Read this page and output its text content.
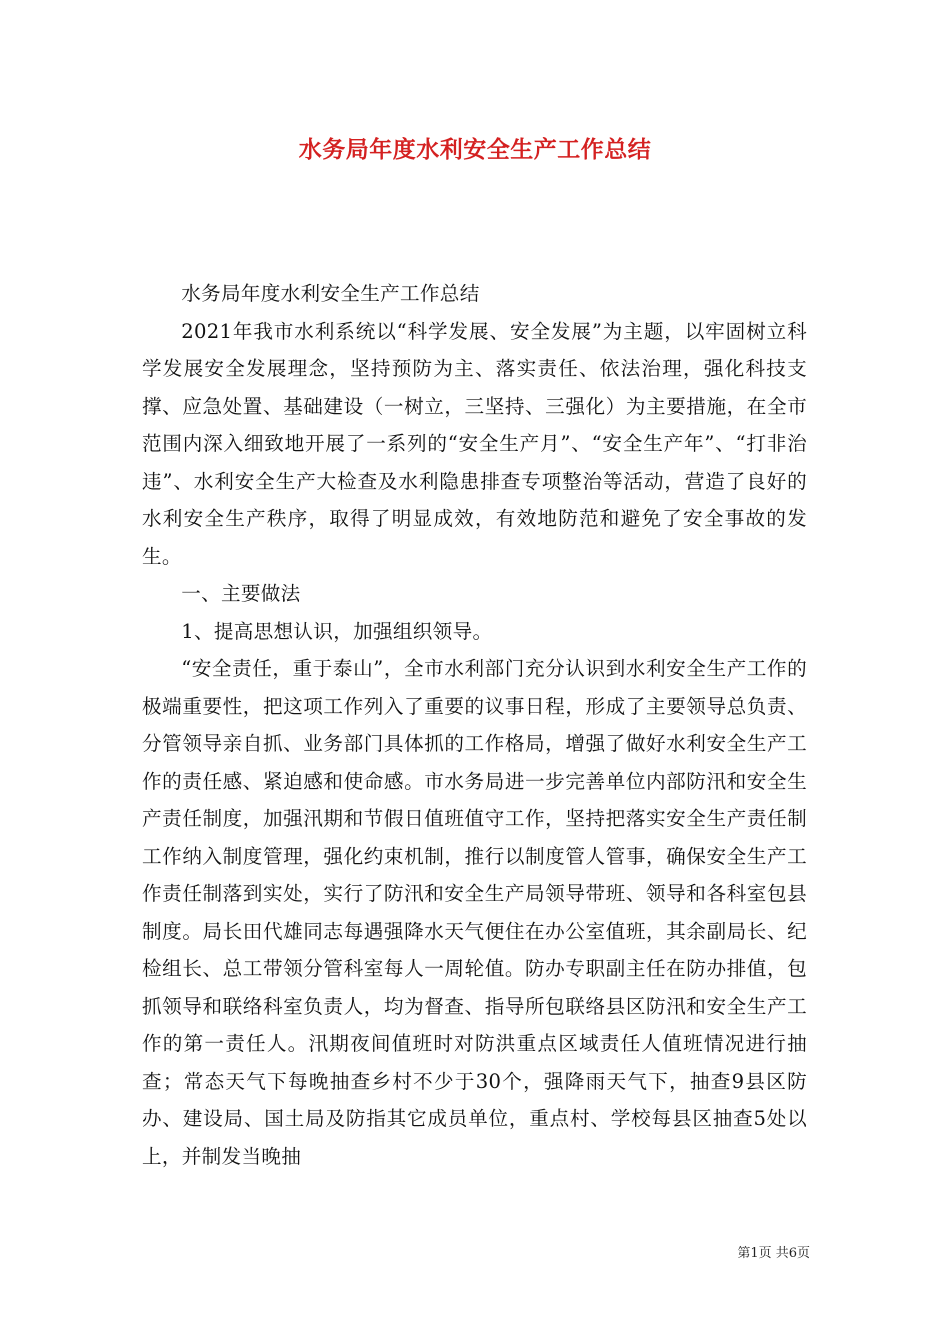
水务局年度水利安全生产工作总结

水务局年度水利安全生产工作总结

2021年我市水利系统以“科学发展、安全发展”为主题，以牢固树立科学发展安全发展理念，坚持预防为主、落实责任、依法治理，强化科技支撑、应急处置、基础建设（一树立，三坚持、三强化）为主要措施，在全市范围内深入细致地开展了一系列的“安全生产月”、“安全生产年”、“打非治违”、水利安全生产大检查及水利隐患排查专项整治等活动，营造了良好的水利安全生产秩序，取得了明显成效，有效地防范和避免了安全事故的发生。

一、主要做法

1、提高思想认识，加强组织领导。

“安全责任，重于泰山”，全市水利部门充分认识到水利安全生产工作的极端重要性，把这项工作列入了重要的议事日程，形成了主要领导总负责、分管领导亲自抓、业务部门具体抓的工作格局，增强了做好水利安全生产工作的责任感、紧迫感和使命感。市水务局进一步完善单位内部防汛和安全生产责任制度，加强汛期和节假日值班值守工作，坚持把落实安全生产责任制工作纳入制度管理，强化约束机制，推行以制度管人管事，确保安全生产工作责任制落到实处，实行了防汛和安全生产局领导带班、领导和各科室包县制度。局长田代雄同志每遇强降水天气便住在办公室值班，其余副局长、纪检组长、总工带领分管科室每人一周轮值。防办专职副主任在防办排值，包抓领导和联络科室负责人，均为督查、指导所包联络县区防汛和安全生产工作的第一责任人。汛期夜间值班时对防洪重点区域责任人值班情况进行抽查；常态天气下每晚抽查乡村不少于30个，强降雨天气下，抽查9县区防办、建设局、国土局及防指其它成员单位，重点村、学校每县区抽查5处以上，并制发当晚抽

第1页 共6页
